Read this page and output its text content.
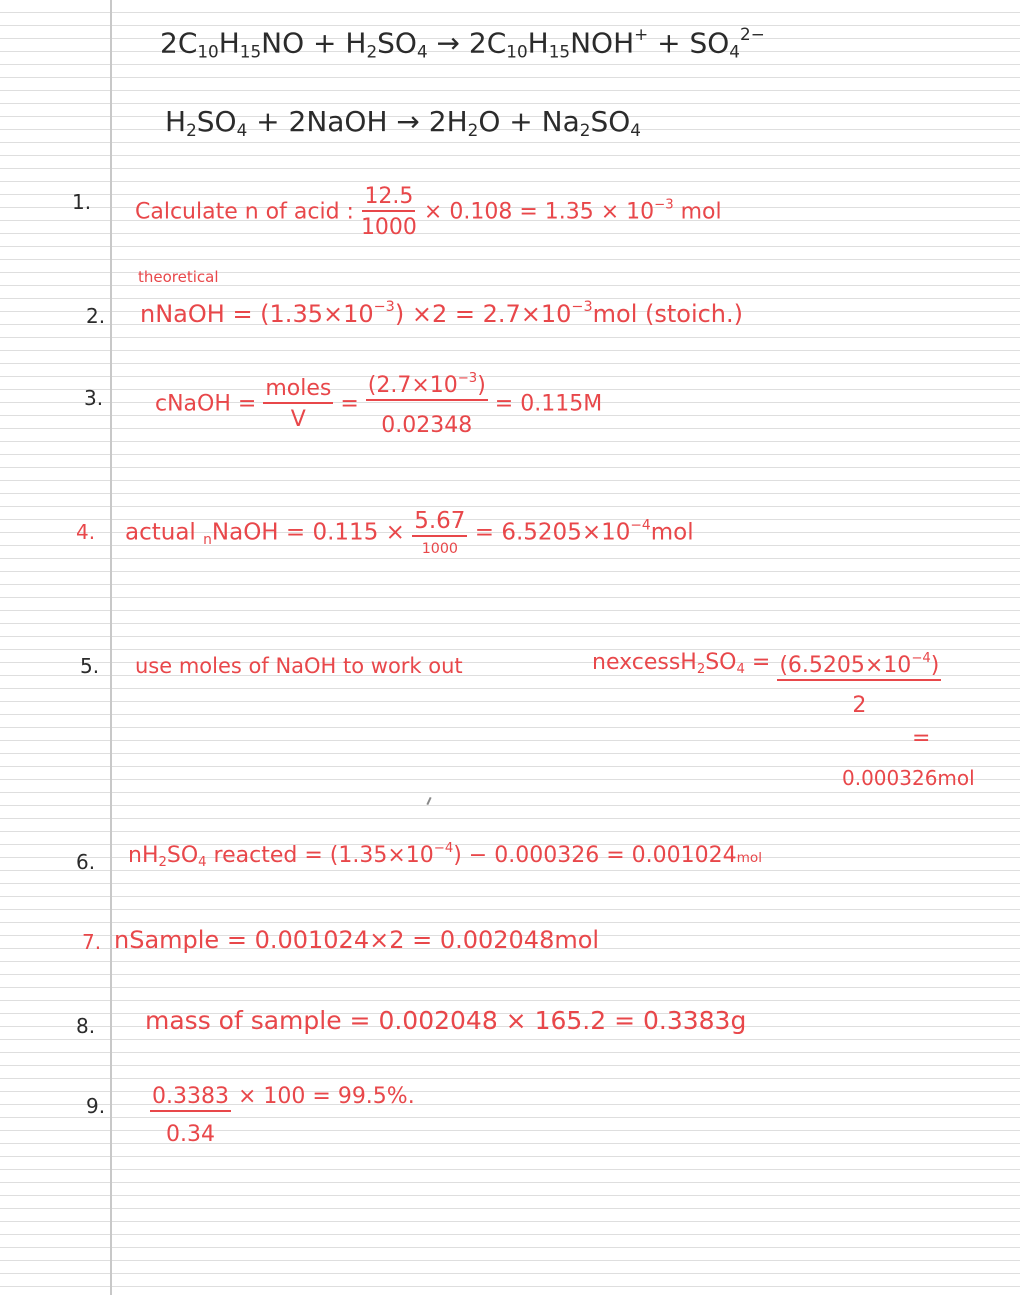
$2C_{10}H_{15}NO + H_2SO_4 \to 2C_{10}H_{15}NOH^+ + SO_4^{2-}$
$H_2SO_4$ + 2NaOH → $2H_2O + Na_2SO_4$
1. Calculate n of acid : $\frac{12.5}{1000} \times 0.108 = 1.35 \times 10^{-3}$ mol
2.
theoretical
nNaOH = $(1.35\times 10^{-3}) \times 2 = 2.7\times 10^{-3}mol$ (stoich.)
3. cNaOH = $\frac{\text{moles}}{V} = \frac{(2.7\times 10^{-3})}{0.02348} = 0.115M$
4. actual $_n$NaOH = $0.115 \times \frac{5.67}{1000} = 6.5205\times 10^{-4}mol$
5. use moles of NaOH to work out	$nexcessH_2SO_4 = \frac{(6.5205\times 10^{-4})}{2}$
=
0.000326mol
6. $nH_2SO_4$ reacted = $(1.35\times 10^{-4}) - 0.000326 = 0.001024mol$
7. nSample = 0.001024×2 = 0.002048mol
8. mass of sample = 0.002048 × 165.2 = 0.3383g
9. $\frac{0.3383}{0.34} \times 100 = 99.5\%$.
